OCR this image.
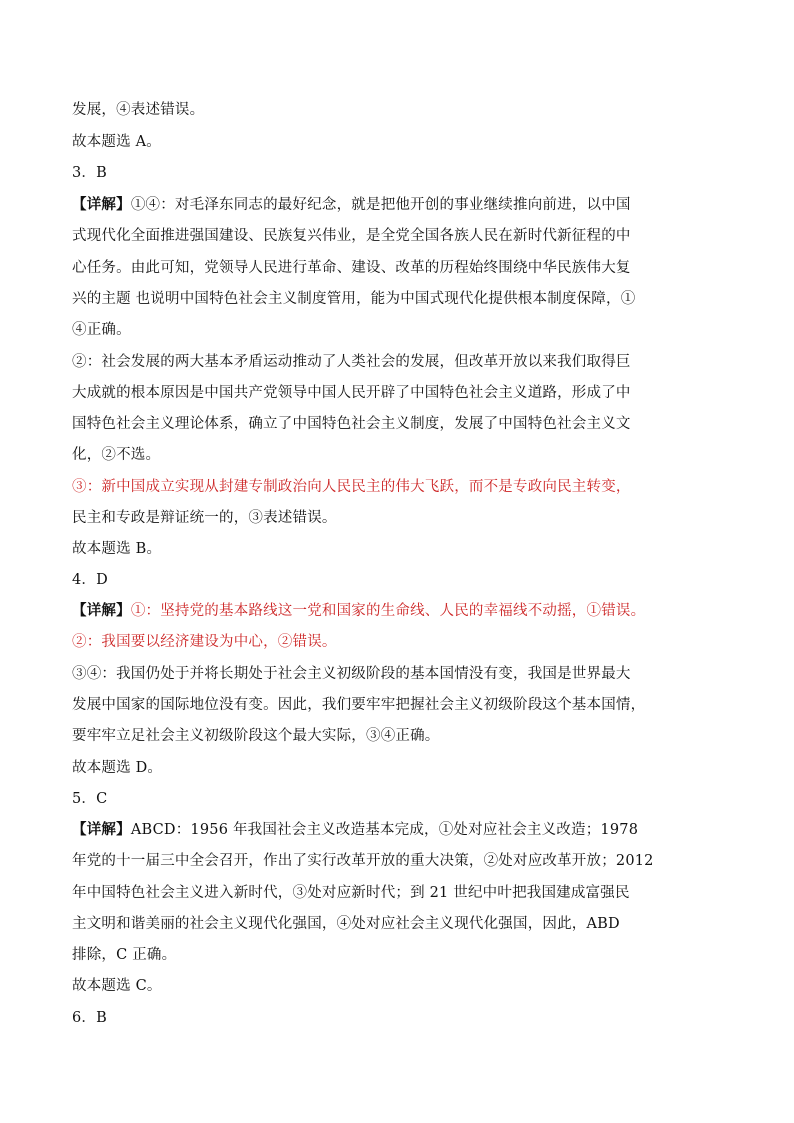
发展，④表述错误。
故本题选 A。
3．B
【详解】①④：对毛泽东同志的最好纪念，就是把他开创的事业继续推向前进，以中国
式现代化全面推进强国建设、民族复兴伟业，是全党全国各族人民在新时代新征程的中
心任务。由此可知，党领导人民进行革命、建设、改革的历程始终围绕中华民族伟大复
兴的主题 也说明中国特色社会主义制度管用，能为中国式现代化提供根本制度保障，①
④正确。
②：社会发展的两大基本矛盾运动推动了人类社会的发展，但改革开放以来我们取得巨
大成就的根本原因是中国共产党领导中国人民开辟了中国特色社会主义道路，形成了中
国特色社会主义理论体系，确立了中国特色社会主义制度，发展了中国特色社会主义文
化，②不选。
③：新中国成立实现从封建专制政治向人民民主的伟大飞跃，而不是专政向民主转变，
民主和专政是辩证统一的，③表述错误。
故本题选 B。
4．D
【详解】①：坚持党的基本路线这一党和国家的生命线、人民的幸福线不动摇，①错误。
②：我国要以经济建设为中心，②错误。
③④：我国仍处于并将长期处于社会主义初级阶段的基本国情没有变，我国是世界最大
发展中国家的国际地位没有变。因此，我们要牢牢把握社会主义初级阶段这个基本国情，
要牢牢立足社会主义初级阶段这个最大实际，③④正确。
故本题选 D。
5．C
【详解】ABCD：1956 年我国社会主义改造基本完成，①处对应社会主义改造；1978
年党的十一届三中全会召开，作出了实行改革开放的重大决策，②处对应改革开放；2012
年中国特色社会主义进入新时代，③处对应新时代；到 21 世纪中叶把我国建成富强民
主文明和谐美丽的社会主义现代化强国，④处对应社会主义现代化强国，因此，ABD
排除，C 正确。
故本题选 C。
6．B
